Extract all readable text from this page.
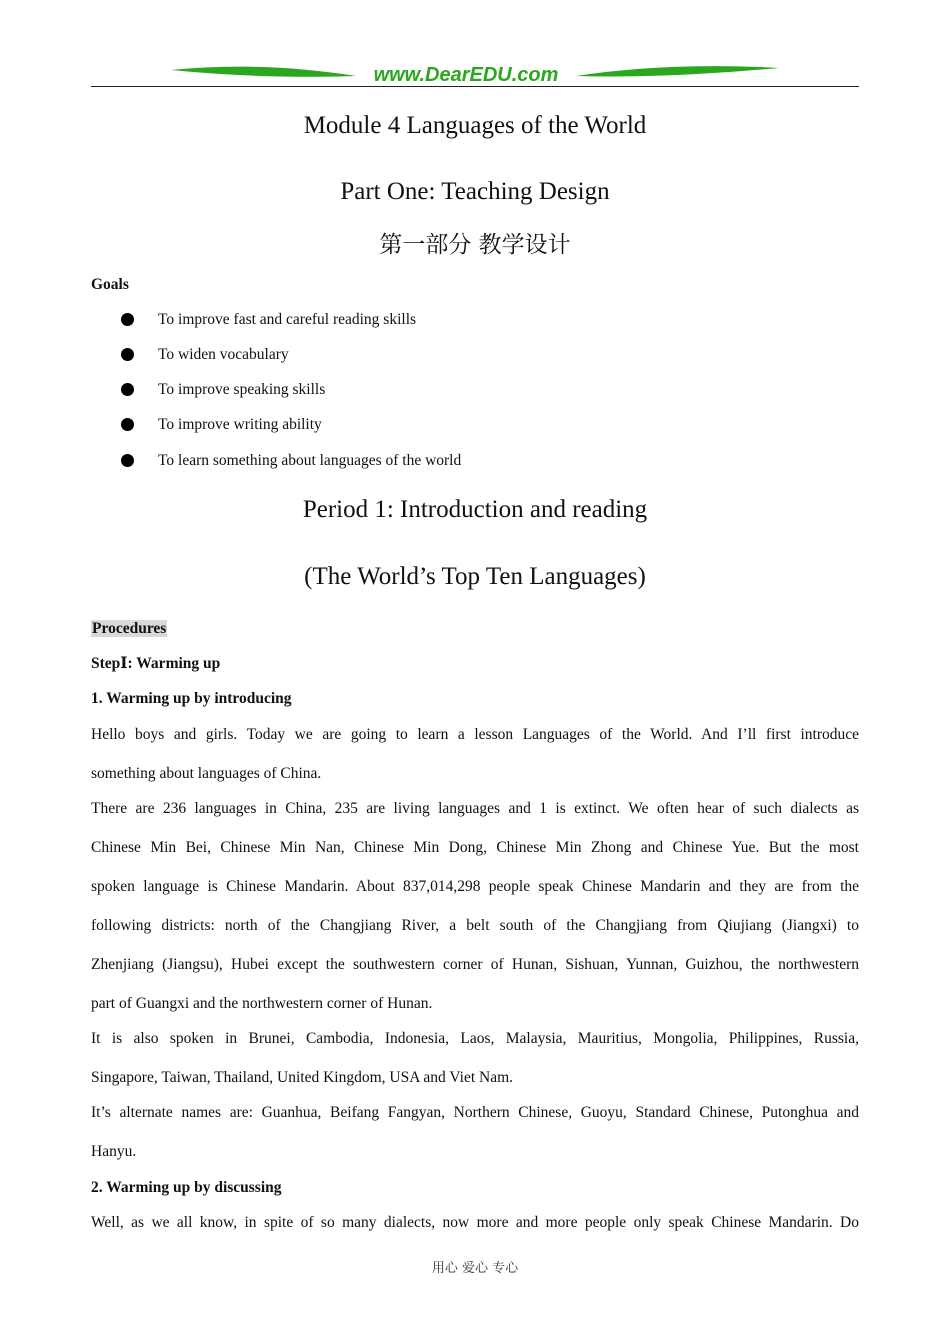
www.DearEDU.com
Module 4 Languages of the World
Part One: Teaching Design
第一部分 教学设计
Goals
To improve fast and careful reading skills
To widen vocabulary
To improve speaking skills
To improve writing ability
To learn something about languages of the world
Period 1: Introduction and reading
(The World’s Top Ten Languages)
Procedures
StepⅠ: Warming up
1. Warming up by introducing
Hello boys and girls. Today we are going to learn a lesson Languages of the World. And I’ll first introduce
something about languages of China.
There are 236 languages in China, 235 are living languages and 1 is extinct. We often hear of such dialects as
Chinese Min Bei, Chinese Min Nan, Chinese Min Dong, Chinese Min Zhong and Chinese Yue. But the most
spoken language is Chinese Mandarin. About 837,014,298 people speak Chinese Mandarin and they are from the
following districts: north of the Changjiang River, a belt south of the Changjiang from Qiujiang (Jiangxi) to
Zhenjiang (Jiangsu), Hubei except the southwestern corner of Hunan, Sishuan, Yunnan, Guizhou, the northwestern
part of Guangxi and the northwestern corner of Hunan.
It is also spoken in Brunei, Cambodia, Indonesia, Laos, Malaysia, Mauritius, Mongolia, Philippines, Russia,
Singapore, Taiwan, Thailand, United Kingdom, USA and Viet Nam.
It’s alternate names are: Guanhua, Beifang Fangyan, Northern Chinese, Guoyu, Standard Chinese, Putonghua and
Hanyu.
2. Warming up by discussing
Well, as we all know, in spite of so many dialects, now more and more people only speak Chinese Mandarin. Do
用心 爱心 专心
